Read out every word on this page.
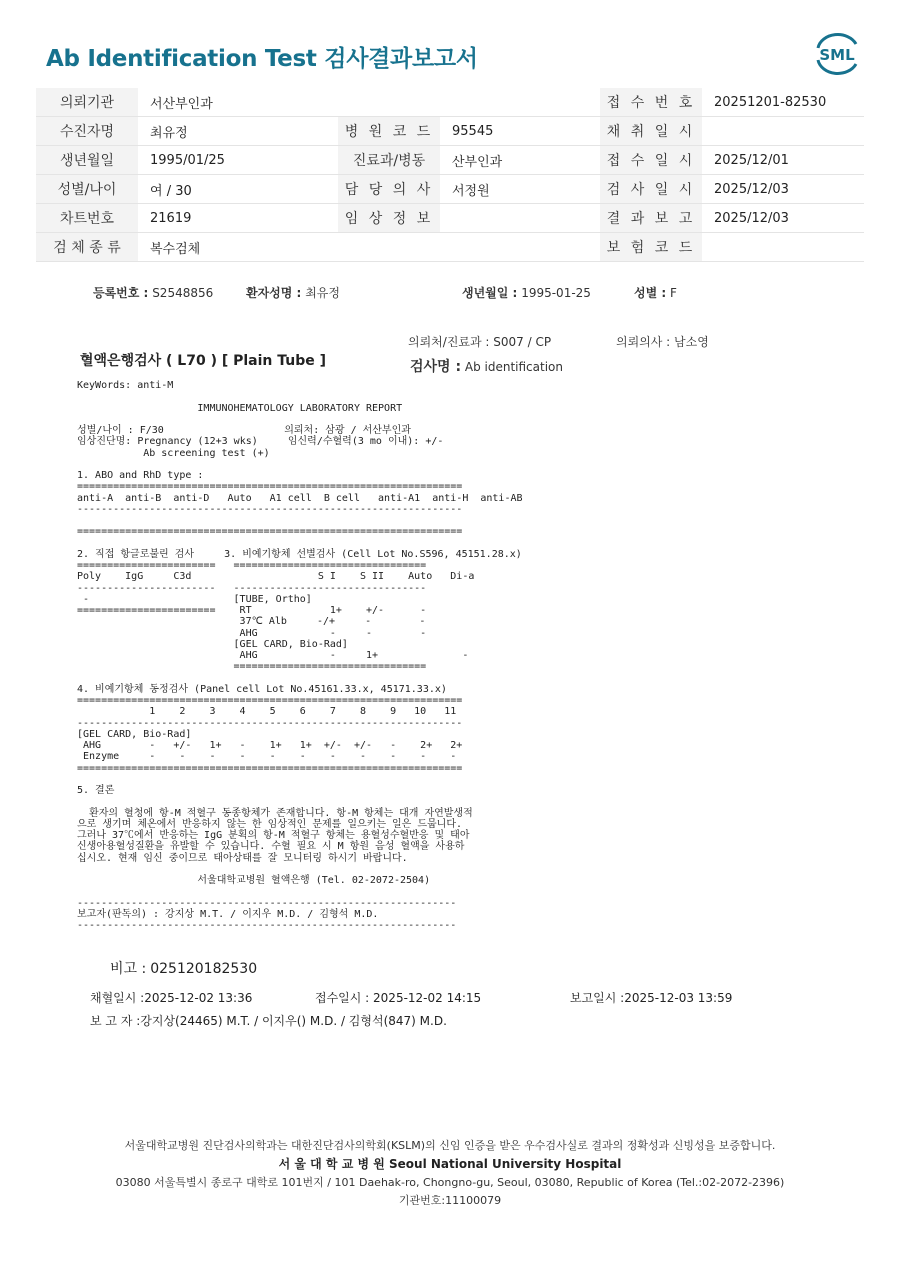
Ab Identification Test 검사결과보고서	SML
의뢰기관	서산부인과			접 수 번 호	20251201-82530
수진자명	최유정	병 원 코 드	95545	채 취 일 시	
생년월일	1995/01/25	진료과/병동	산부인과	접 수 일 시	2025/12/01
성별/나이	여 / 30	담 당 의 사	서정원	검 사 일 시	2025/12/03
차트번호	21619	임 상 정 보		결 과 보 고	2025/12/03
검 체 종 류	복수검체			보 험 코 드	
등록번호 : S2548856	환자성명 : 최유정	생년월일 : 1995-01-25	성별 : F
의뢰처/진료과 : S007 / CP	의뢰의사 : 남소영
혈액은행검사 ( L70 ) [ Plain Tube ]	검사명 : Ab identification
KeyWords: anti-M

IMMUNOHEMATOLOGY LABORATORY REPORT

성별/나이 : F/30                    의뢰처: 삼광 / 서산부인과
임상진단명: Pregnancy (12+3 wks)     임신력/수혈력(3 mo 이내): +/-
Ab screening test (+)

1. ABO and RhD type :
================================================================
anti-A  anti-B  anti-D   Auto   A1 cell  B cell   anti-A1  anti-H  anti-AB
----------------------------------------------------------------

================================================================

2. 직접 항글로불린 검사     3. 비예기항체 선별검사 (Cell Lot No.S596, 45151.28.x)
=======================   ================================
Poly    IgG     C3d                     S I    S II    Auto   Di-a
-----------------------   --------------------------------
-                        [TUBE, Ortho]
=======================    RT             1+    +/-      -
37℃ Alb     -/+     -        -
AHG            -     -        -
[GEL CARD, Bio-Rad]
AHG            -     1+              -
================================

4. 비예기항체 동정검사 (Panel cell Lot No.45161.33.x, 45171.33.x)
================================================================
1    2    3    4    5    6    7    8    9   10   11
----------------------------------------------------------------
[GEL CARD, Bio-Rad]
AHG        -   +/-   1+   -    1+   1+  +/-  +/-   -    2+   2+
Enzyme     -    -    -    -    -    -    -    -    -    -    -
================================================================

5. 결론

환자의 혈청에 항-M 적혈구 동종항체가 존재합니다. 항-M 항체는 대개 자연발생적
으로 생기며 체온에서 반응하지 않는 한 임상적인 문제를 일으키는 일은 드뭅니다.
그러나 37℃에서 반응하는 IgG 분획의 항-M 적혈구 항체는 용혈성수혈반응 및 태아
신생아용혈성질환을 유발할 수 있습니다. 수혈 필요 시 M 항원 음성 혈액을 사용하
십시오. 현재 임신 중이므로 태아상태를 잘 모니터링 하시기 바랍니다.

서울대학교병원 혈액은행 (Tel. 02-2072-2504)

---------------------------------------------------------------
보고자(판독의) : 강지상 M.T. / 이지우 M.D. / 김형석 M.D.
---------------------------------------------------------------
비고 : 025120182530
채혈일시 :2025-12-02 13:36	접수일시 : 2025-12-02 14:15	보고일시 :2025-12-03 13:59
보 고 자 :강지상(24465) M.T. / 이지우() M.D. / 김형석(847) M.D.
서울대학교병원 진단검사의학과는 대한진단검사의학회(KSLM)의 신임 인증을 받은 우수검사실로 결과의 정확성과 신빙성을 보증합니다.
서 울 대 학 교 병 원 Seoul National University Hospital
03080 서울특별시 종로구 대학로 101번지 / 101 Daehak-ro, Chongno-gu, Seoul, 03080, Republic of Korea (Tel.:02-2072-2396)
기관번호:11100079
